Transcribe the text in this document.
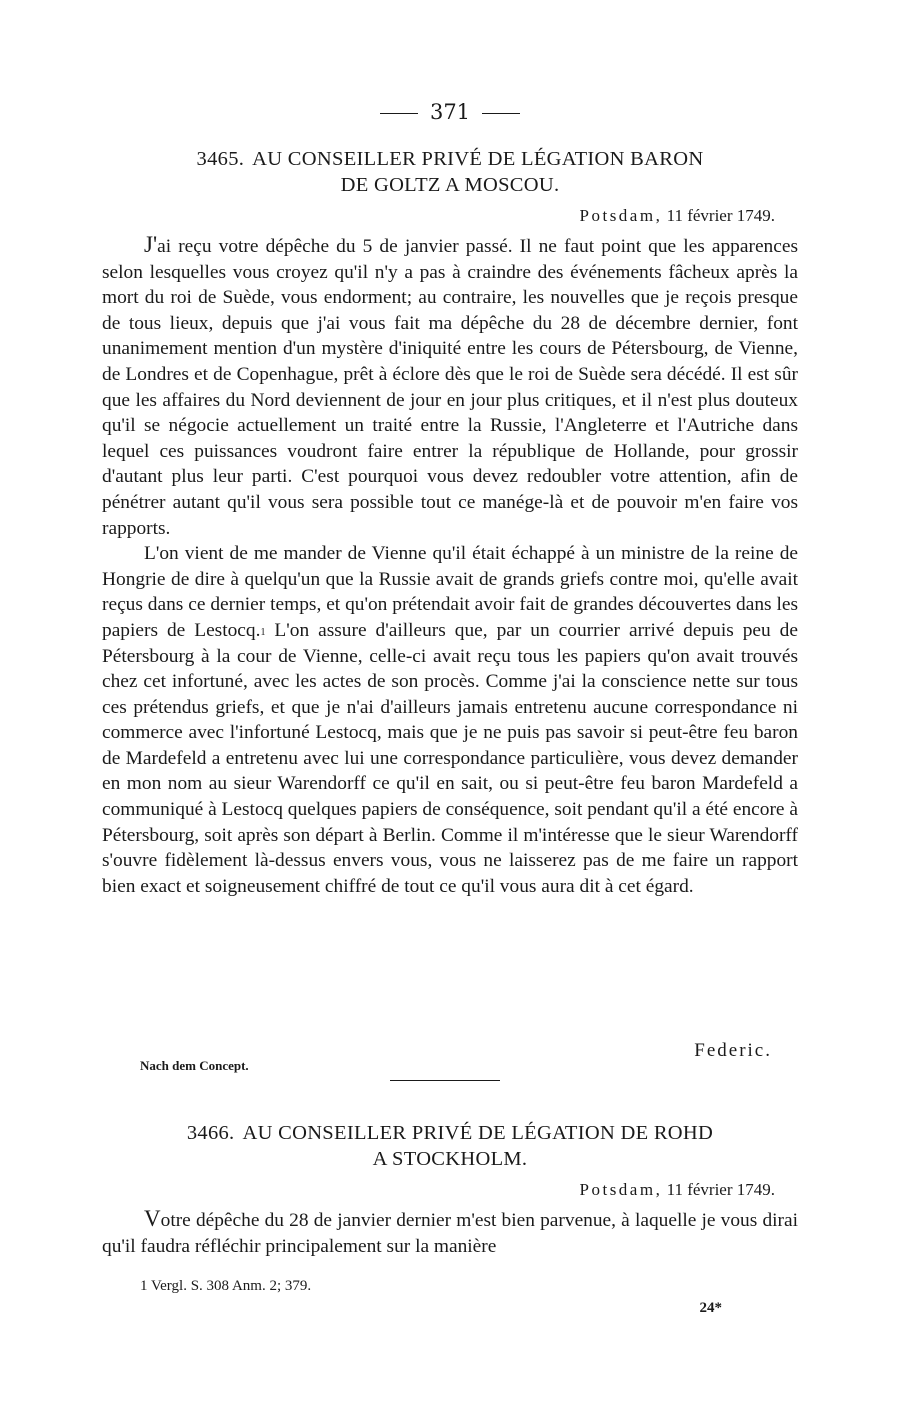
371
3465. AU CONSEILLER PRIVÉ DE LÉGATION BARON
DE GOLTZ A MOSCOU.
Potsdam, 11 février 1749.

J'ai reçu votre dépêche du 5 de janvier passé. Il ne faut point que les apparences selon lesquelles vous croyez qu'il n'y a pas à craindre des événements fâcheux après la mort du roi de Suède, vous endorment; au contraire, les nouvelles que je reçois presque de tous lieux, depuis que j'ai vous fait ma dépêche du 28 de décembre dernier, font unanimement mention d'un mystère d'iniquité entre les cours de Pétersbourg, de Vienne, de Londres et de Copenhague, prêt à éclore dès que le roi de Suède sera décédé. Il est sûr que les affaires du Nord deviennent de jour en jour plus critiques, et il n'est plus douteux qu'il se négocie actuellement un traité entre la Russie, l'Angleterre et l'Autriche dans lequel ces puissances voudront faire entrer la république de Hollande, pour grossir d'autant plus leur parti. C'est pourquoi vous devez redoubler votre attention, afin de pénétrer autant qu'il vous sera possible tout ce manége-là et de pouvoir m'en faire vos rapports.

L'on vient de me mander de Vienne qu'il était échappé à un ministre de la reine de Hongrie de dire à quelqu'un que la Russie avait de grands griefs contre moi, qu'elle avait reçus dans ce dernier temps, et qu'on prétendait avoir fait de grandes découvertes dans les papiers de Lestocq.$^1$ L'on assure d'ailleurs que, par un courrier arrivé depuis peu de Pétersbourg à la cour de Vienne, celle-ci avait reçu tous les papiers qu'on avait trouvés chez cet infortuné, avec les actes de son procès. Comme j'ai la conscience nette sur tous ces prétendus griefs, et que je n'ai d'ailleurs jamais entretenu aucune correspondance ni commerce avec l'infortuné Lestocq, mais que je ne puis pas savoir si peut-être feu baron de Mardefeld a entretenu avec lui une correspondance particulière, vous devez demander en mon nom au sieur Warendorff ce qu'il en sait, ou si peut-être feu baron Mardefeld a communiqué à Lestocq quelques papiers de conséquence, soit pendant qu'il a été encore à Pétersbourg, soit après son départ à Berlin. Comme il m'intéresse que le sieur Warendorff s'ouvre fidèlement là-dessus envers vous, vous ne laisserez pas de me faire un rapport bien exact et soigneusement chiffré de tout ce qu'il vous aura dit à cet égard.

Federic.
Nach dem Concept.
3466. AU CONSEILLER PRIVÉ DE LÉGATION DE ROHD
A STOCKHOLM.
Potsdam, 11 février 1749.

Votre dépêche du 28 de janvier dernier m'est bien parvenue, à laquelle je vous dirai qu'il faudra réfléchir principalement sur la manière

1 Vergl. S. 308 Anm. 2; 379.
24*
